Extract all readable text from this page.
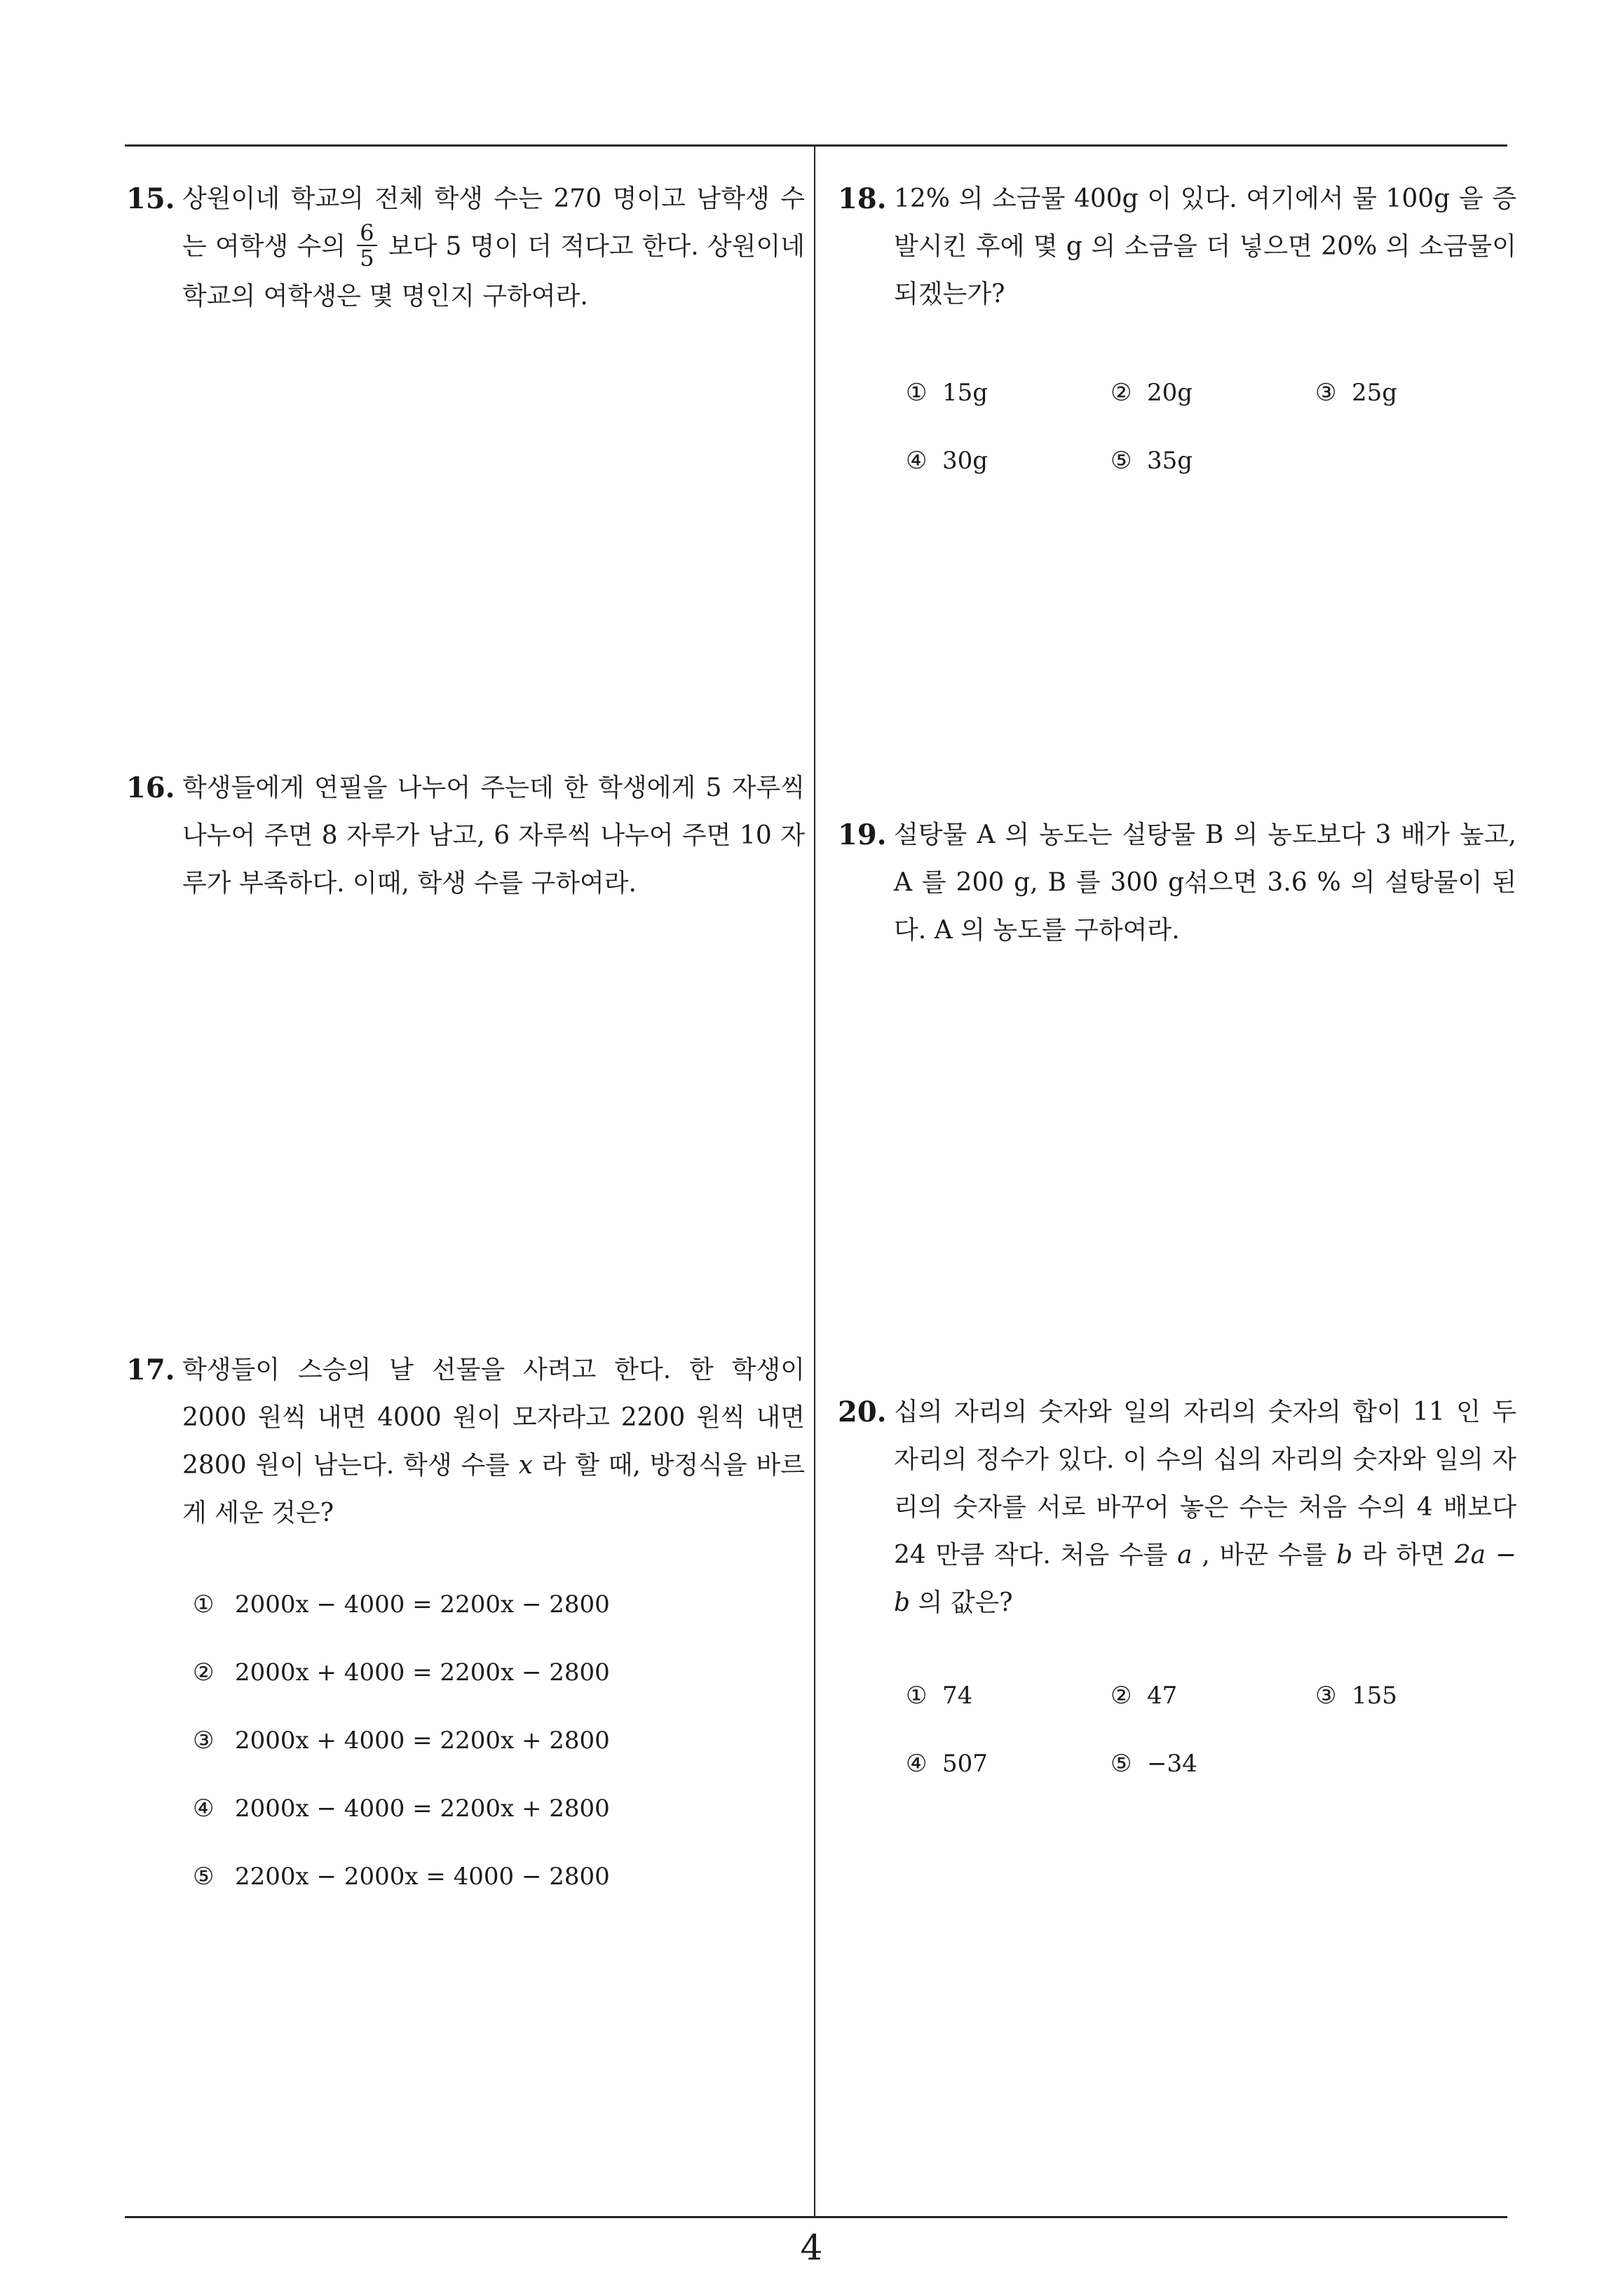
15. 상원이네 학교의 전체 학생 수는 270 명이고 남학생 수는 여학생 수의 $\frac{6}{5}$ 보다 5 명이 더 적다고 한다. 상원이네 학교의 여학생은 몇 명인지 구하여라.
16. 학생들에게 연필을 나누어 주는데 한 학생에게 5 자루씩 나누어 주면 8 자루가 남고, 6 자루씩 나누어 주면 10 자루가 부족하다. 이때, 학생 수를 구하여라.
17. 학생들이 스승의 날 선물을 사려고 한다. 한 학생이 2000 원씩 내면 4000 원이 모자라고 2200 원씩 내면 2800 원이 남는다. 학생 수를 x 라 할 때, 방정식을 바르게 세운 것은?
① 2000x − 4000 = 2200x − 2800
② 2000x + 4000 = 2200x − 2800
③ 2000x + 4000 = 2200x + 2800
④ 2000x − 4000 = 2200x + 2800
⑤ 2200x − 2000x = 4000 − 2800
18. 12% 의 소금물 400g 이 있다. 여기에서 물 100g 을 증발시킨 후에 몇 g 의 소금을 더 넣으면 20% 의 소금물이 되겠는가?
① 15g	② 20g	③ 25g
④ 30g	⑤ 35g
19. 설탕물 A 의 농도는 설탕물 B 의 농도보다 3 배가 높고, A 를 200 g, B 를 300 g섞으면 3.6 % 의 설탕물이 된다. A 의 농도를 구하여라.
20. 십의 자리의 숫자와 일의 자리의 숫자의 합이 11 인 두 자리의 정수가 있다. 이 수의 십의 자리의 숫자와 일의 자리의 숫자를 서로 바꾸어 놓은 수는 처음 수의 4 배보다 24 만큼 작다. 처음 수를 a , 바꾼 수를 b 라 하면 2a − b 의 값은?
① 74	② 47	③ 155
④ 507	⑤ −34
4
